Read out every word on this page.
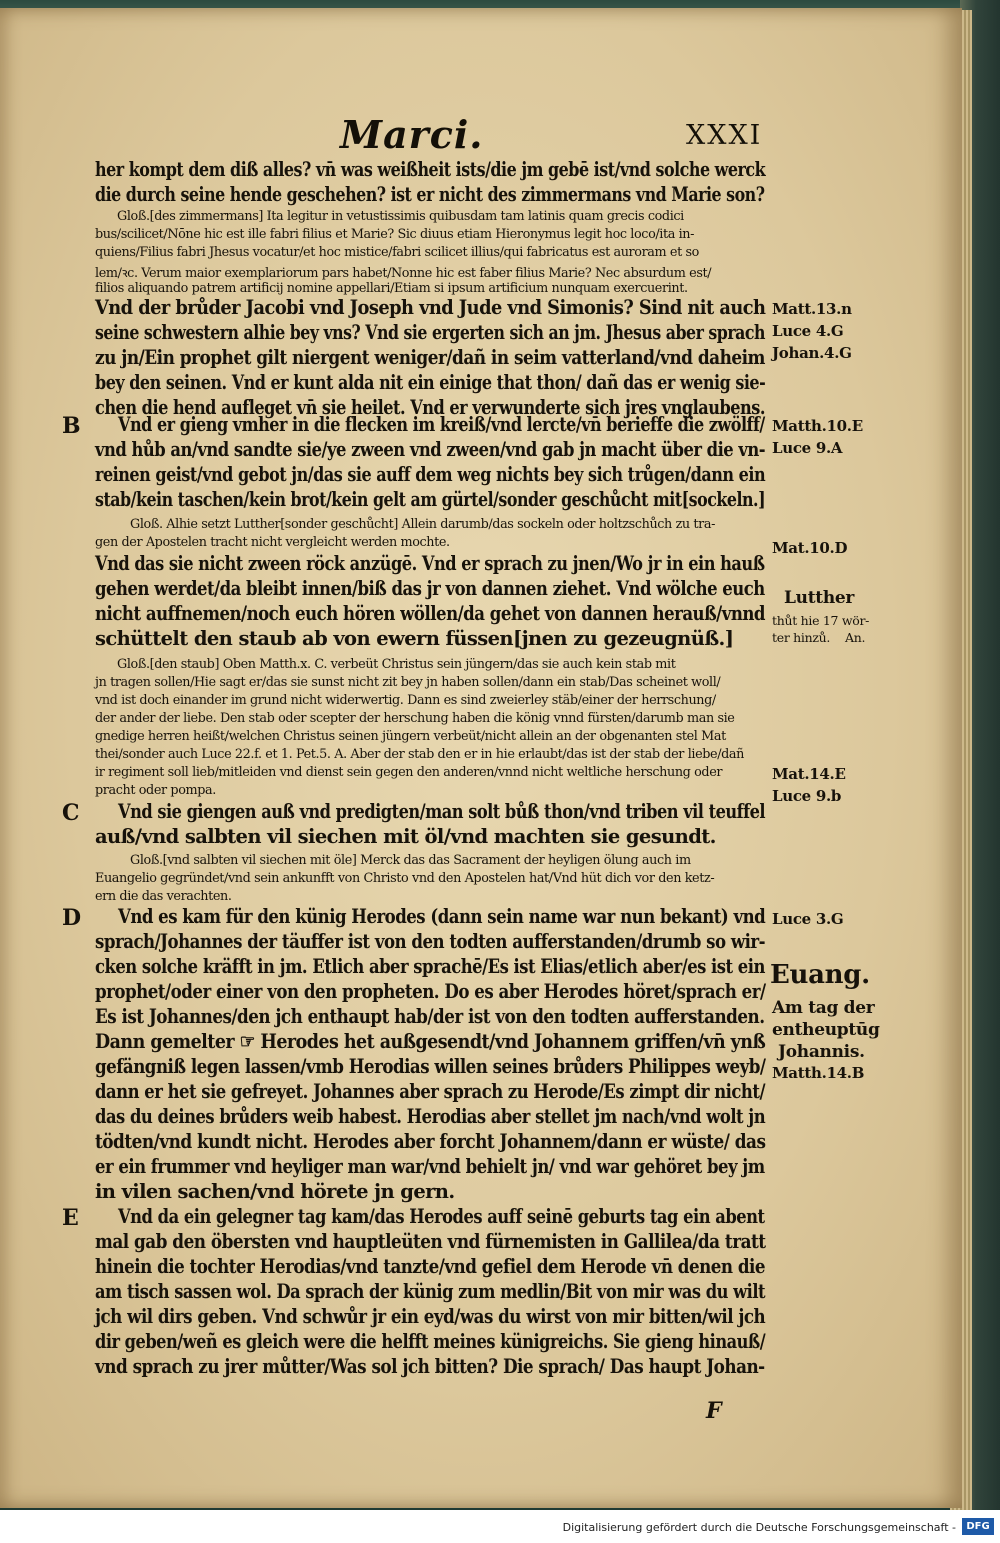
Marci.	XXXI
her kompt dem diß alles? vn̄ was weißheit ists/die jm gebē ist/vnd solche werck
die durch seine hende geschehen? ist er nicht des zimmermans vnd Marie son?
Gloß.[des zimmermans] Ita legitur in vetustissimis quibusdam tam latinis quam grecis codici
bus/scilicet/Nōne hic est ille fabri filius et Marie? Sic diuus etiam Hieronymus legit hoc loco/ita in-
quiens/Filius fabri Jhesus vocatur/et hoc mistice/fabri scilicet illius/qui fabricatus est auroram et so
lem/ꝛc. Verum maior exemplariorum pars habet/Nonne hic est faber filius Marie? Nec absurdum est/
filios aliquando patrem artificij nomine appellari/Etiam si ipsum artificium nunquam exercuerint.
Vnd der brůder Jacobi vnd Joseph vnd Jude vnd Simonis? Sind nit auch
seine schwestern alhie bey vns? Vnd sie ergerten sich an jm. Jhesus aber sprach
zu jn/Ein prophet gilt niergent weniger/dañ in seim vatterland/vnd daheim
bey den seinen. Vnd er kunt alda nit ein einige that thon/ dañ das er wenig sie-
chen die hend aufleget vn̄ sie heilet. Vnd er verwunderte sich jres vnglaubens.
B Vnd er gieng vmher in die flecken im kreiß/vnd lercte/vn̄ berieffe die zwölff/
vnd hůb an/vnd sandte sie/ye zween vnd zween/vnd gab jn macht über die vn-
reinen geist/vnd gebot jn/das sie auff dem weg nichts bey sich trůgen/dann ein
stab/kein taschen/kein brot/kein gelt am gürtel/sonder geschůcht mit[sockeln.]
Gloß. Alhie setzt Lutther[sonder geschůcht] Allein darumb/das sockeln oder holtzschůch zu tra-
gen der Apostelen tracht nicht vergleicht werden mochte.
Vnd das sie nicht zween röck anzügē. Vnd er sprach zu jnen/Wo jr in ein hauß
gehen werdet/da bleibt innen/biß das jr von dannen ziehet. Vnd wölche euch
nicht auffnemen/noch euch hören wöllen/da gehet von dannen herauß/vnnd
schüttelt den staub ab von ewern füssen[jnen zu gezeugnüß.]
Gloß.[den staub] Oben Matth.x. C. verbeüt Christus sein jüngern/das sie auch kein stab mit
jn tragen sollen/Hie sagt er/das sie sunst nicht zit bey jn haben sollen/dann ein stab/Das scheinet woll/
vnd ist doch einander im grund nicht widerwertig. Dann es sind zweierley stäb/einer der herrschung/
der ander der liebe. Den stab oder scepter der herschung haben die könig vnnd fürsten/darumb man sie
gnedige herren heißt/welchen Christus seinen jüngern verbeüt/nicht allein an der obgenanten stel Mat
thei/sonder auch Luce 22.f. et 1. Pet.5. A. Aber der stab den er in hie erlaubt/das ist der stab der liebe/dañ
ir regiment soll lieb/mitleiden vnd dienst sein gegen den anderen/vnnd nicht weltliche herschung oder
pracht oder pompa.
C Vnd sie giengen auß vnd predigten/man solt bůß thon/vnd triben vil teuffel
auß/vnd salbten vil siechen mit öl/vnd machten sie gesundt.
Gloß.[vnd salbten vil siechen mit öle] Merck das das Sacrament der heyligen ölung auch im
Euangelio gegründet/vnd sein ankunfft von Christo vnd den Apostelen hat/Vnd hüt dich vor den ketz-
ern die das verachten.
D Vnd es kam für den künig Herodes (dann sein name war nun bekant) vnd
sprach/Johannes der täuffer ist von den todten aufferstanden/drumb so wir-
cken solche kräfft in jm. Etlich aber sprachē/Es ist Elias/etlich aber/es ist ein
prophet/oder einer von den propheten. Do es aber Herodes höret/sprach er/
Es ist Johannes/den jch enthaupt hab/der ist von den todten aufferstanden.
Dann gemelter ☞ Herodes het außgesendt/vnd Johannem griffen/vn̄ ynß
gefängniß legen lassen/vmb Herodias willen seines brůders Philippes weyb/
dann er het sie gefreyet. Johannes aber sprach zu Herode/Es zimpt dir nicht/
das du deines brůders weib habest. Herodias aber stellet jm nach/vnd wolt jn
tödten/vnd kundt nicht. Herodes aber forcht Johannem/dann er wüste/ das
er ein frummer vnd heyliger man war/vnd behielt jn/ vnd war gehöret bey jm
in vilen sachen/vnd hörete jn gern.
E Vnd da ein gelegner tag kam/das Herodes auff seinē geburts tag ein abent
mal gab den öbersten vnd hauptleüten vnd fürnemisten in Gallilea/da tratt
hinein die tochter Herodias/vnd tanzte/vnd gefiel dem Herode vn̄ denen die
am tisch sassen wol. Da sprach der künig zum medlin/Bit von mir was du wilt
jch wil dirs geben. Vnd schwůr jr ein eyd/was du wirst von mir bitten/wil jch
dir geben/weñ es gleich were die helfft meines künigreichs. Sie gieng hinauß/
vnd sprach zu jrer můtter/Was sol jch bitten? Die sprach/ Das haupt Johan-
Matt.13.n
Luce 4.G
Johan.4.G
Matth.10.E
Luce 9.A
Mat.10.D
Lutther
thůt hie 17 wör-
ter hinzů. An.
Mat.14.E
Luce 9.b
Luce 3.G
Euang.
Am tag der
entheuptūg
Johannis.
Matth.14.B
F
Digitalisierung gefördert durch die Deutsche Forschungsgemeinschaft -	DFG
